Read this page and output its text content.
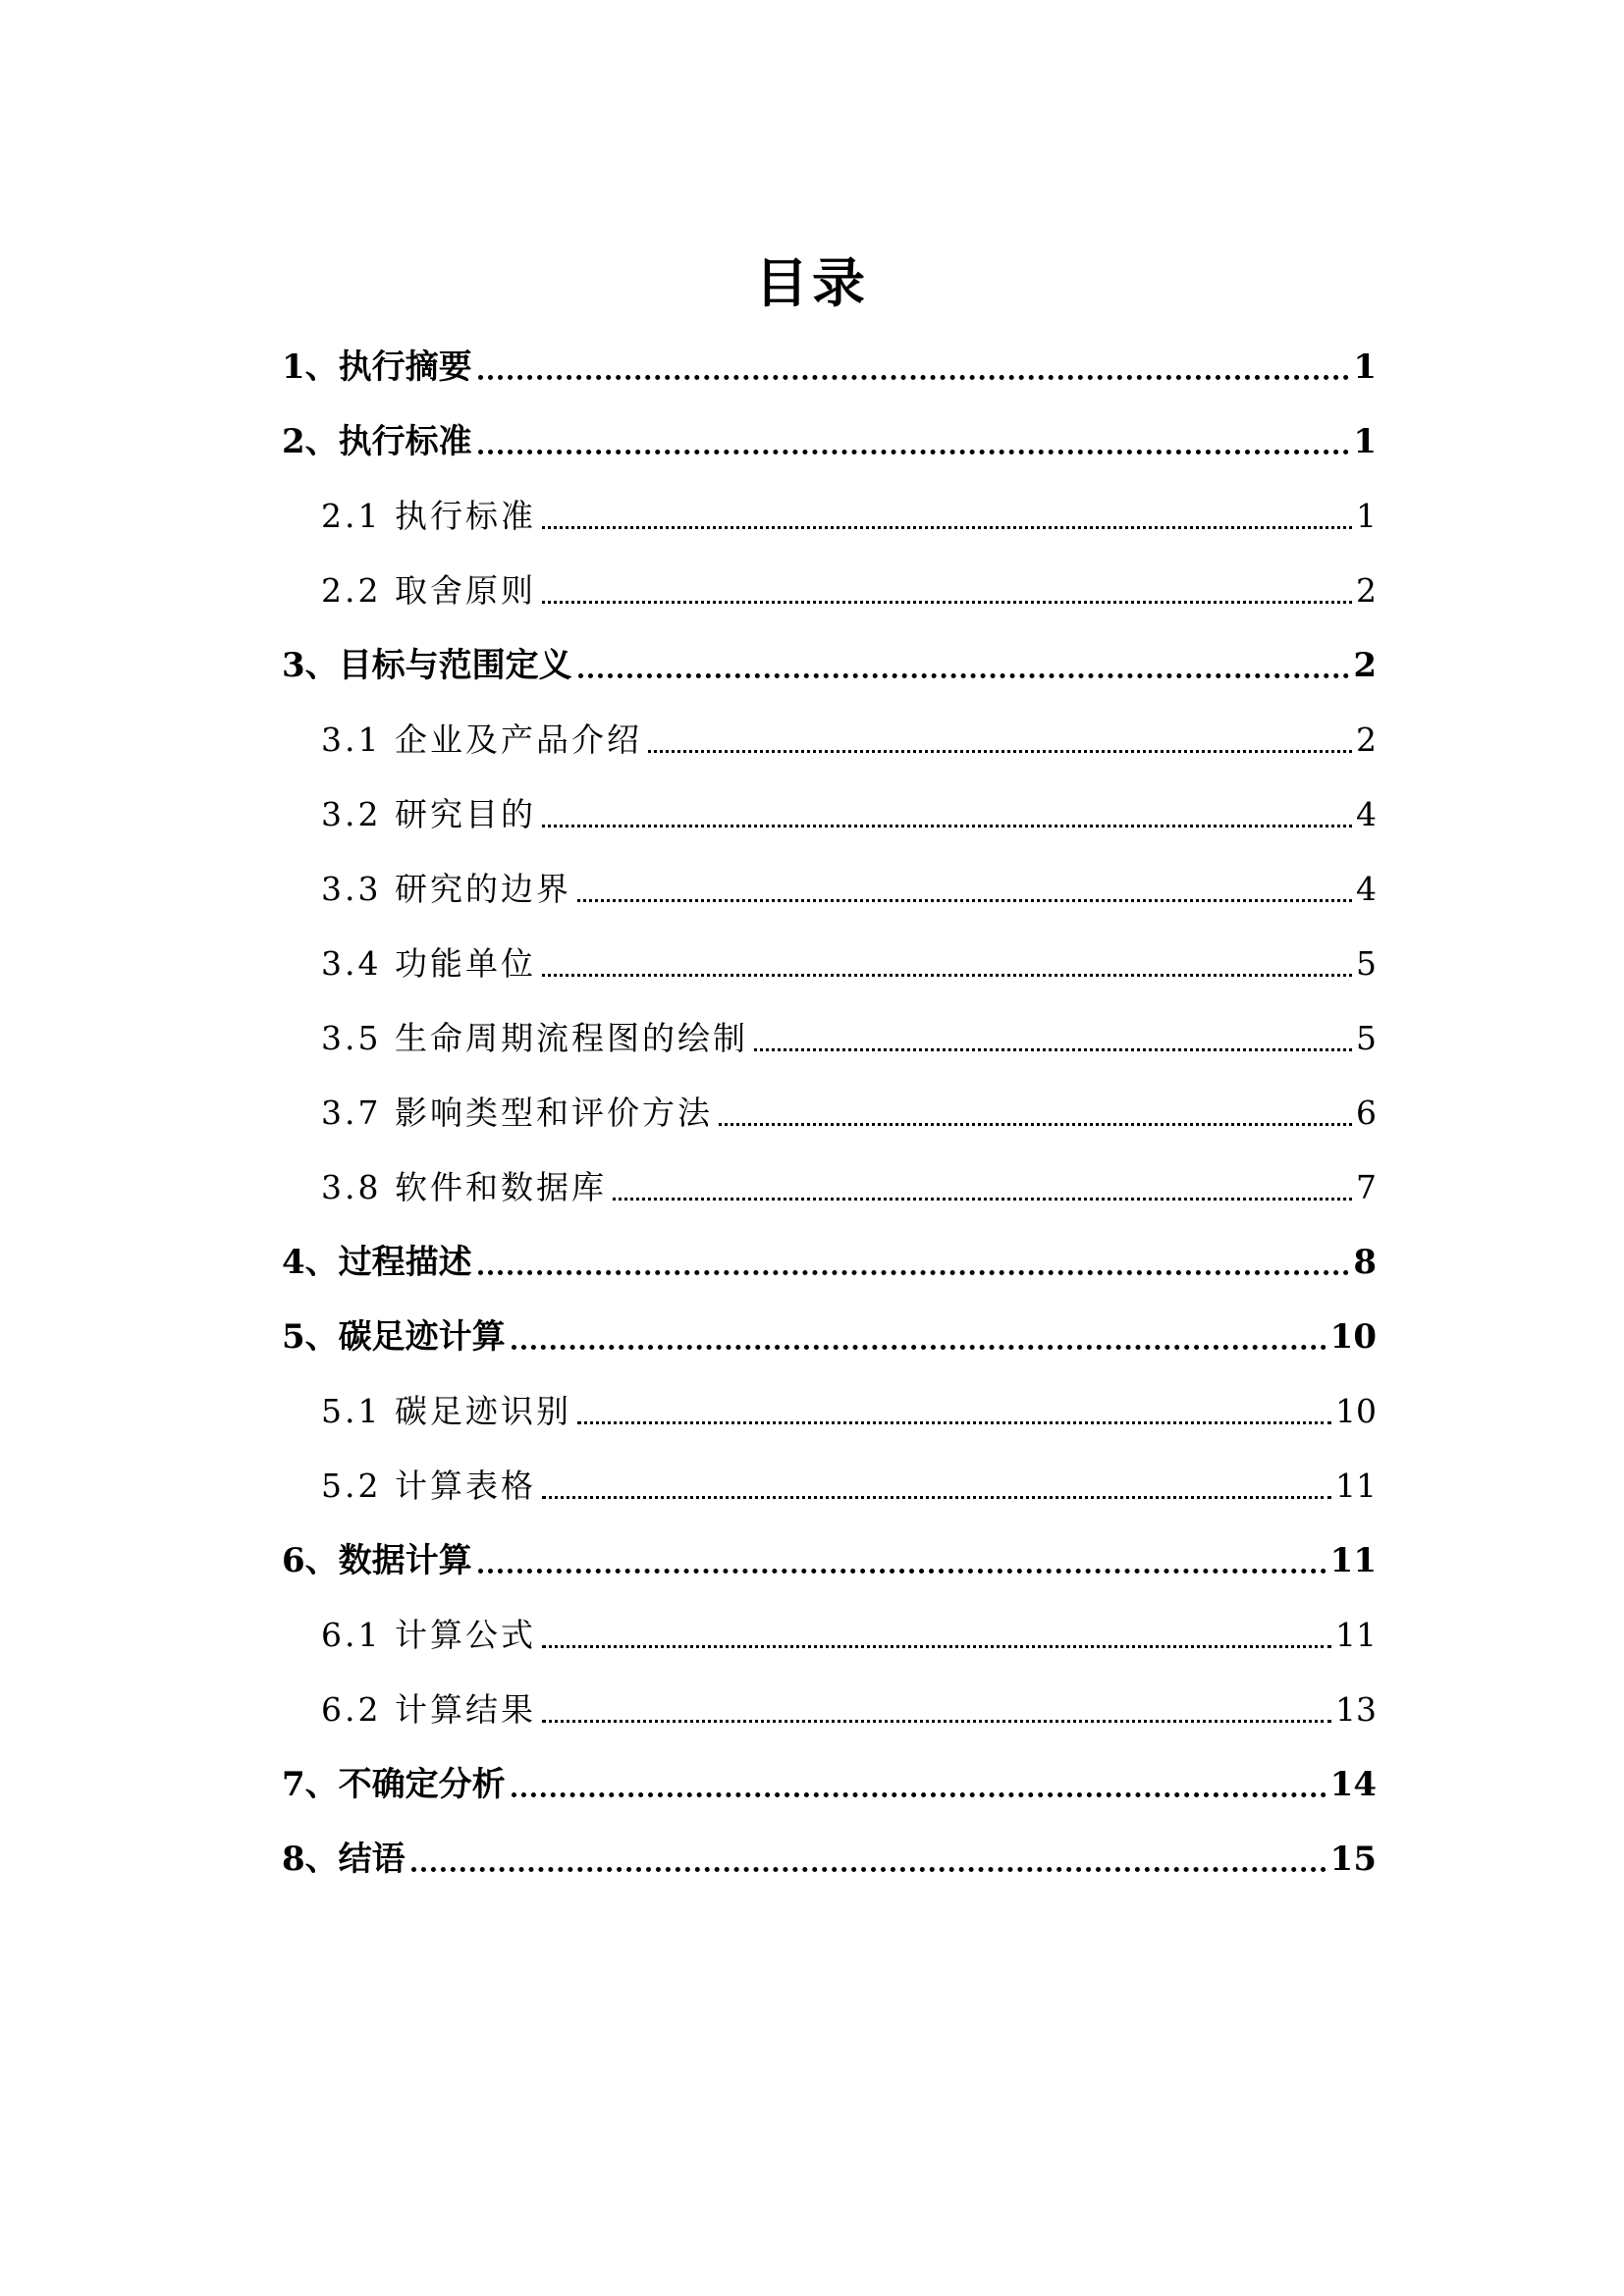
目录
1、执行摘要	1
2、执行标准	1
2.1 执行标准	1
2.2 取舍原则	2
3、目标与范围定义	2
3.1 企业及产品介绍	2
3.2 研究目的	4
3.3 研究的边界	4
3.4 功能单位	5
3.5 生命周期流程图的绘制	5
3.7 影响类型和评价方法	6
3.8 软件和数据库	7
4、过程描述	8
5、碳足迹计算	10
5.1 碳足迹识别	10
5.2 计算表格	11
6、数据计算	11
6.1 计算公式	11
6.2 计算结果	13
7、不确定分析	14
8、结语	15
